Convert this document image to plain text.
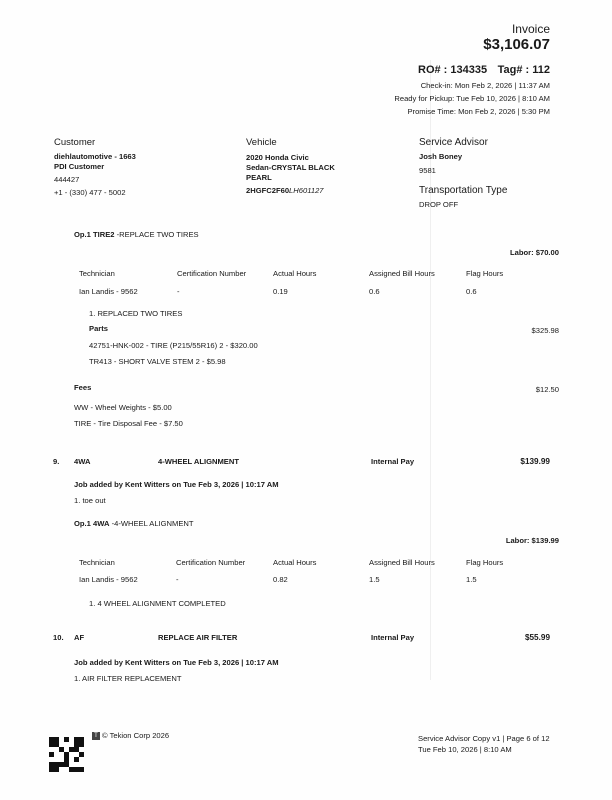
Invoice
$3,106.07
RO# : 134335 Tag# : 112
Check-in: Mon Feb 2, 2026 | 11:37 AM
Ready for Pickup: Tue Feb 10, 2026 | 8:10 AM
Promise Time: Mon Feb 2, 2026 | 5:30 PM
Customer
diehlautomotive - 1663
PDI Customer
444427
+1 - (330) 477 - 5002
Vehicle
2020 Honda Civic
Sedan-CRYSTAL BLACK
PEARL
2HGFC2F60LH601127
Service Advisor
Josh Boney
9581
Transportation Type
DROP OFF
Op.1 TIRE2 -REPLACE TWO TIRES
Labor: $70.00
Technician	Certification Number	Actual Hours	Assigned Bill Hours	Flag Hours
Ian Landis - 9562	-	0.19	0.6	0.6
1. REPLACED TWO TIRES
Parts	$325.98
42751-HNK-002 - TIRE (P215/55R16) 2 - $320.00
TR413 - SHORT VALVE STEM 2 - $5.98
Fees	$12.50
WW - Wheel Weights - $5.00
TIRE - Tire Disposal Fee - $7.50
9. 4WA	4-WHEEL ALIGNMENT	Internal Pay	$139.99
Job added by Kent Witters on Tue Feb 3, 2026 | 10:17 AM
1. toe out
Op.1 4WA -4-WHEEL ALIGNMENT
Labor: $139.99
Technician	Certification Number	Actual Hours	Assigned Bill Hours	Flag Hours
Ian Landis - 9562	-	0.82	1.5	1.5
1. 4 WHEEL ALIGNMENT COMPLETED
10. AF	REPLACE AIR FILTER	Internal Pay	$55.99
Job added by Kent Witters on Tue Feb 3, 2026 | 10:17 AM
1. AIR FILTER REPLACEMENT
T © Tekion Corp 2026	Service Advisor Copy v1 | Page 6 of 12
Tue Feb 10, 2026 | 8:10 AM
